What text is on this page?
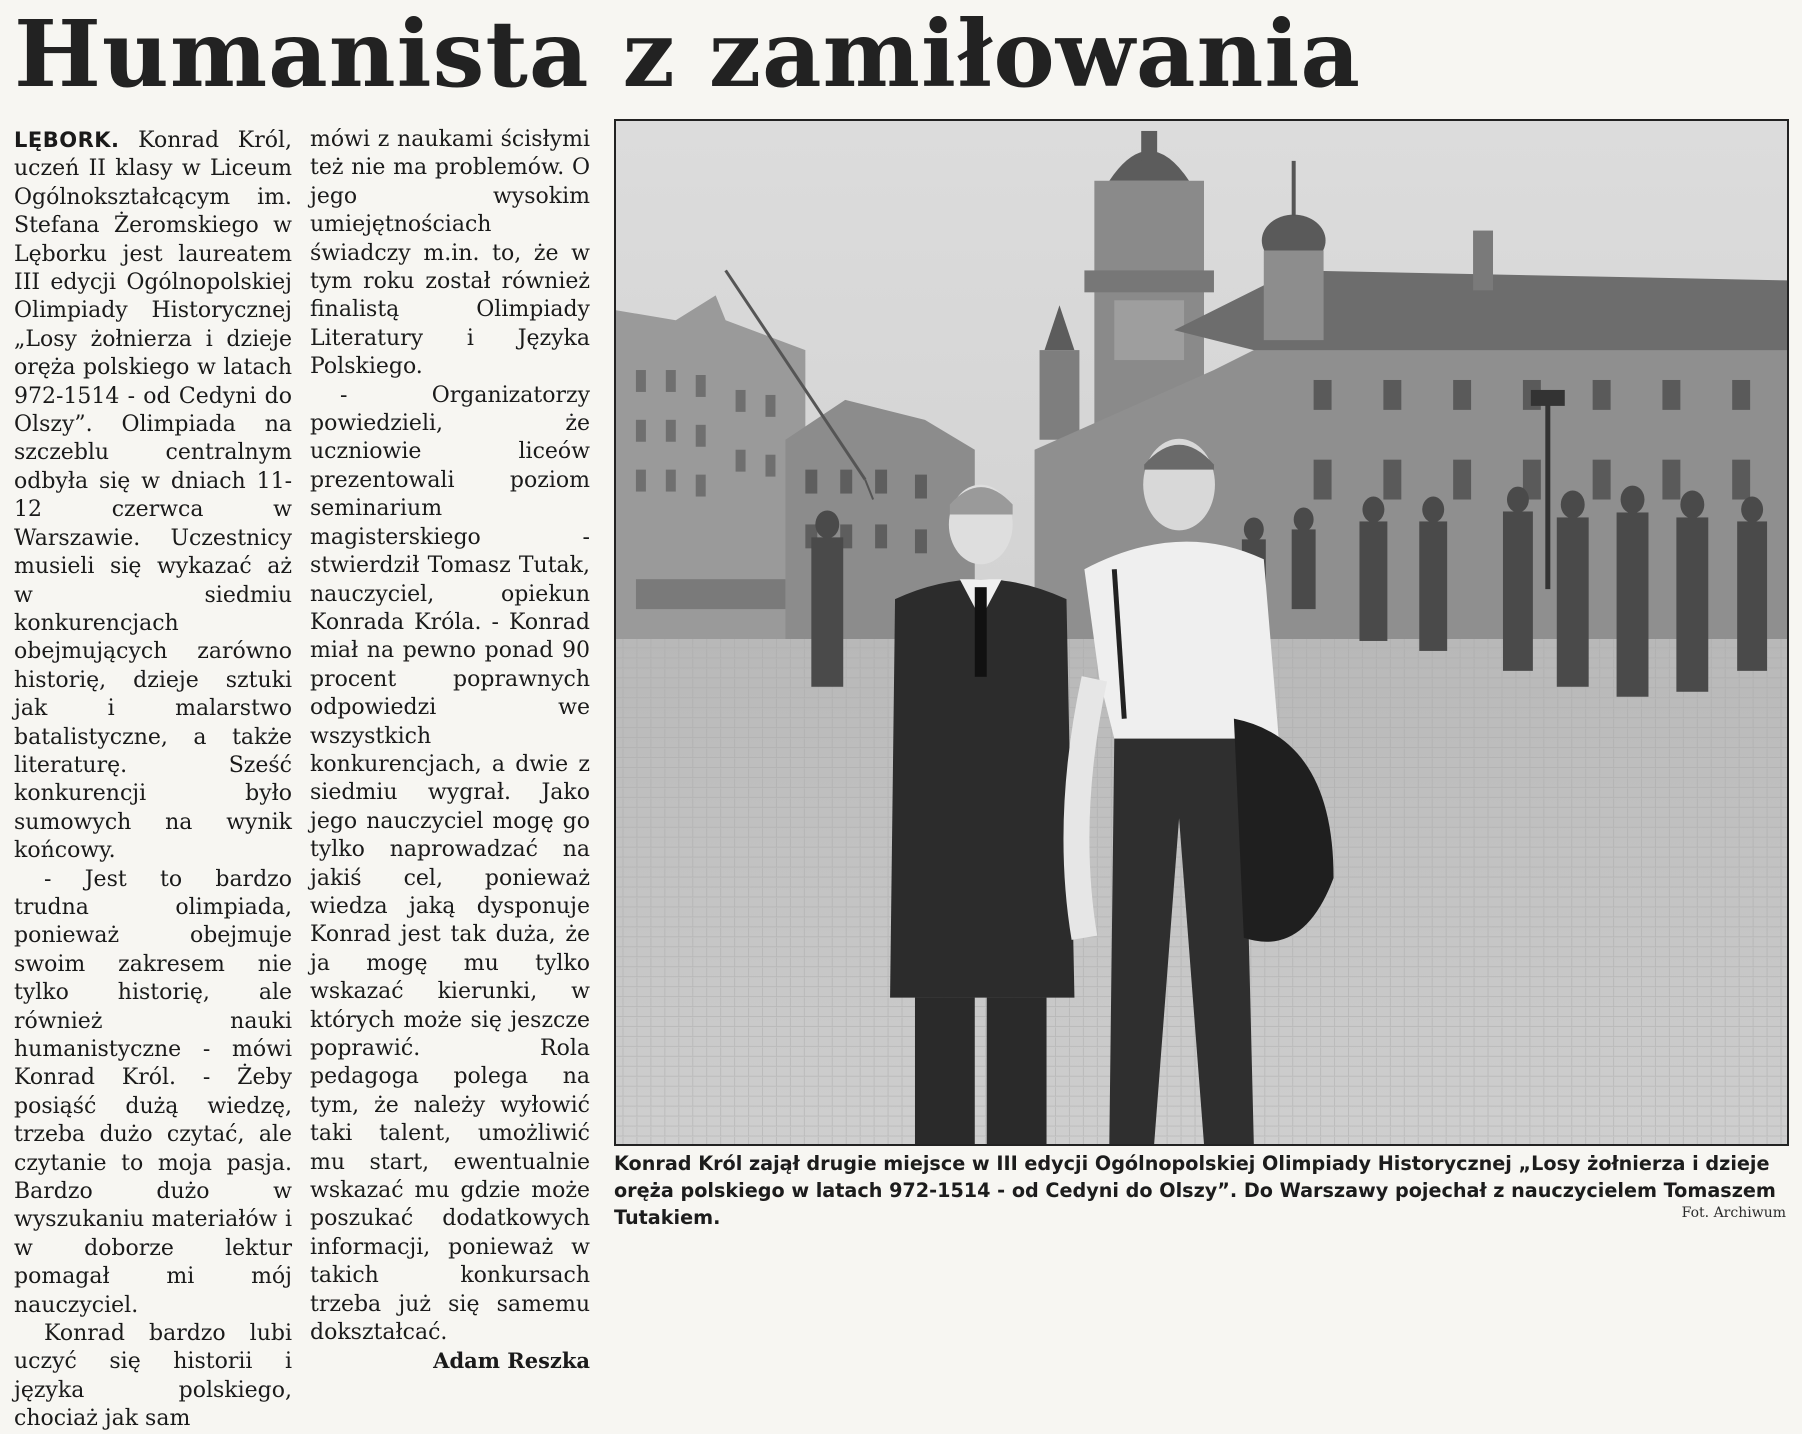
Humanista z zamiłowania

LĘBORK. Konrad Król, uczeń II klasy w Liceum Ogólnokształcącym im. Stefana Żeromskiego w Lęborku jest laureatem III edycji Ogólnopolskiej Olimpiady Historycznej „Losy żołnierza i dzieje oręża polskiego w latach 972-1514 - od Cedyni do Olszy”. Olimpiada na szczeblu centralnym odbyła się w dniach 11-12 czerwca w Warszawie. Uczestnicy musieli się wykazać aż w siedmiu konkurencjach obejmujących zarówno historię, dzieje sztuki jak i malarstwo batalistyczne, a także literaturę. Sześć konkurencji było sumowych na wynik końcowy.

- Jest to bardzo trudna olimpiada, ponieważ obejmuje swoim zakresem nie tylko historię, ale również nauki humanistyczne - mówi Konrad Król. - Żeby posiąść dużą wiedzę, trzeba dużo czytać, ale czytanie to moja pasja. Bardzo dużo w wyszukaniu materiałów i w doborze lektur pomagał mi mój nauczyciel.

Konrad bardzo lubi uczyć się historii i języka polskiego, chociaż jak sam

mówi z naukami ścisłymi też nie ma problemów. O jego wysokim umiejętnościach świadczy m.in. to, że w tym roku został również finalistą Olimpiady Literatury i Języka Polskiego.

- Organizatorzy powiedzieli, że uczniowie liceów prezentowali poziom seminarium magisterskiego - stwierdził Tomasz Tutak, nauczyciel, opiekun Konrada Króla. - Konrad miał na pewno ponad 90 procent poprawnych odpowiedzi we wszystkich konkurencjach, a dwie z siedmiu wygrał. Jako jego nauczyciel mogę go tylko naprowadzać na jakiś cel, ponieważ wiedza jaką dysponuje Konrad jest tak duża, że ja mogę mu tylko wskazać kierunki, w których może się jeszcze poprawić. Rola pedagoga polega na tym, że należy wyłowić taki talent, umożliwić mu start, ewentualnie wskazać mu gdzie może poszukać dodatkowych informacji, ponieważ w takich konkursach trzeba już się samemu dokształcać.

Adam Reszka
Konrad Król zajął drugie miejsce w III edycji Ogólnopolskiej Olimpiady Historycznej „Losy żołnierza i dzieje oręża polskiego w latach 972-1514 - od Cedyni do Olszy”. Do Warszawy pojechał z nauczycielem Tomaszem Tutakiem.	Fot. Archiwum
